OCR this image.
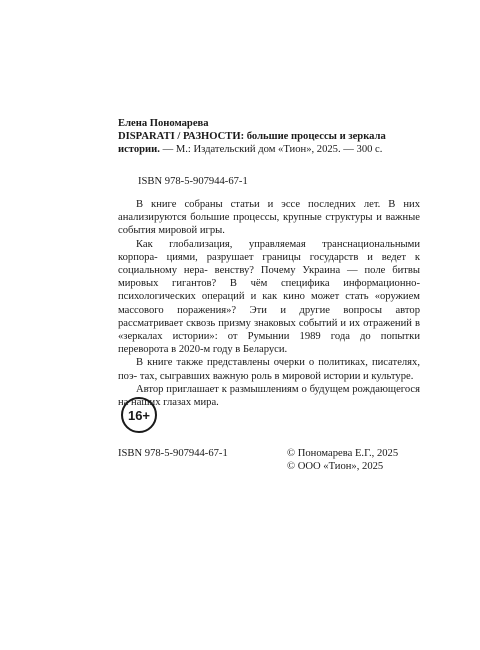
Елена Пономарева
DISPARATI / РАЗНОСТИ: большие процессы и зеркала
истории. — М.: Издательский дом «Тион», 2025. — 300 с.
ISBN 978-5-907944-67-1

В книге собраны статьи и эссе последних лет. В них анализируются большие процессы, крупные структуры и важные события мировой игры.

Как глобализация, управляемая транснациональными корпора- циями, разрушает границы государств и ведет к социальному нера- венству? Почему Украина — поле битвы мировых гигантов? В чём специфика информационно-психологических операций и как кино может стать «оружием массового поражения»? Эти и другие вопросы автор рассматривает сквозь призму знаковых событий и их отражений в «зеркалах истории»: от Румынии 1989 года до попытки переворота в 2020-м году в Беларуси.

В книге также представлены очерки о политиках, писателях, поэ- тах, сыгравших важную роль в мировой истории и культуре.

Автор приглашает к размышлениям о будущем рождающегося на наших глазах мира.

16+
ISBN 978-5-907944-67-1	© Пономарева Е.Г., 2025
© ООО «Тион», 2025
